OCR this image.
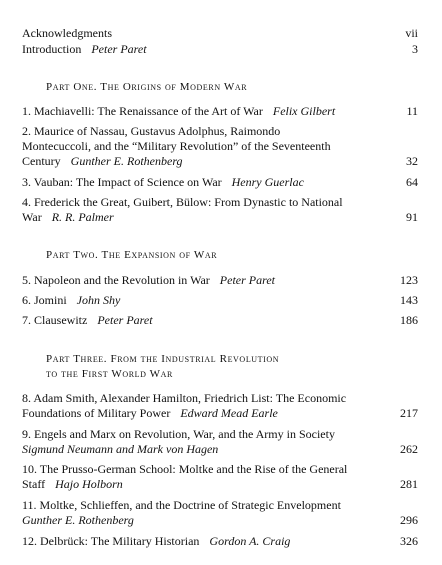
Acknowledgments	vii
Introduction Peter Paret	3
Part One. The Origins of Modern War
1. Machiavelli: The Renaissance of the Art of War Felix Gilbert	11
2. Maurice of Nassau, Gustavus Adolphus, Raimondo
Montecuccoli, and the “Military Revolution” of the Seventeenth
Century Gunther E. Rothenberg	32
3. Vauban: The Impact of Science on War Henry Guerlac	64
4. Frederick the Great, Guibert, Bülow: From Dynastic to National
War R. R. Palmer	91
Part Two. The Expansion of War
5. Napoleon and the Revolution in War Peter Paret	123
6. Jomini John Shy	143
7. Clausewitz Peter Paret	186
Part Three. From the Industrial Revolution
to the First World War
8. Adam Smith, Alexander Hamilton, Friedrich List: The Economic
Foundations of Military Power Edward Mead Earle	217
9. Engels and Marx on Revolution, War, and the Army in Society
Sigmund Neumann and Mark von Hagen	262
10. The Prusso-German School: Moltke and the Rise of the General
Staff Hajo Holborn	281
11. Moltke, Schlieffen, and the Doctrine of Strategic Envelopment
Gunther E. Rothenberg	296
12. Delbrück: The Military Historian Gordon A. Craig	326
